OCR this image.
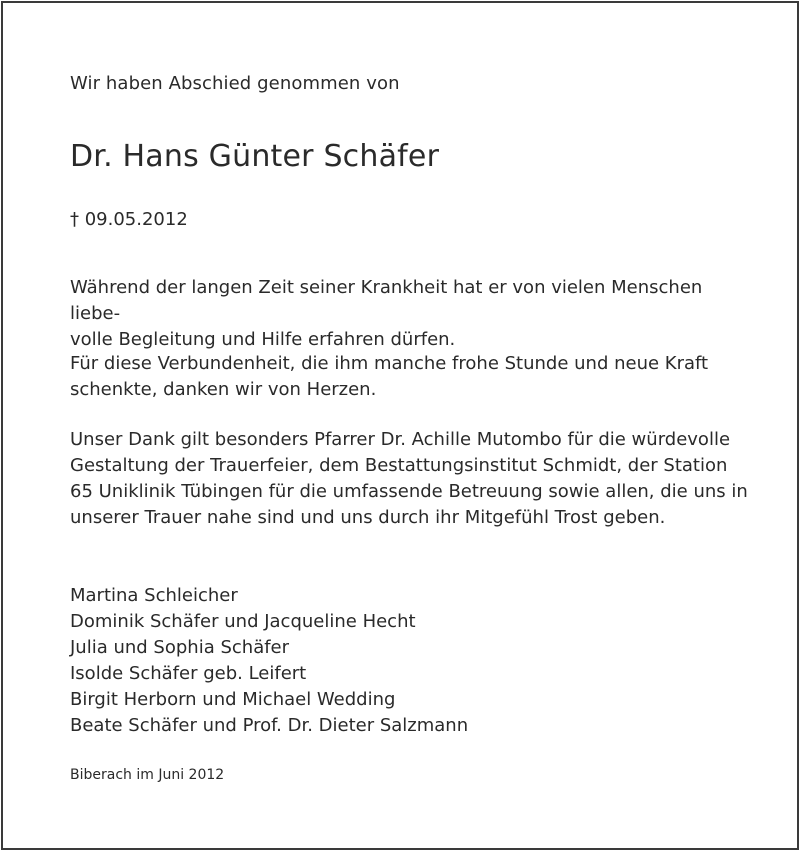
Wir haben Abschied genommen von

Dr. Hans Günter Schäfer

† 09.05.2012

Während der langen Zeit seiner Krankheit hat er von vielen Menschen liebe-
volle Begleitung und Hilfe erfahren dürfen.

Für diese Verbundenheit, die ihm manche frohe Stunde und neue Kraft schenkte, danken wir von Herzen.

Unser Dank gilt besonders Pfarrer Dr. Achille Mutombo für die würdevolle Gestaltung der Trauerfeier, dem Bestattungsinstitut Schmidt, der Station 65 Uniklinik Tübingen für die umfassende Betreuung sowie allen, die uns in unserer Trauer nahe sind und uns durch ihr Mitgefühl Trost geben.

Martina Schleicher
Dominik Schäfer und Jacqueline Hecht
Julia und Sophia Schäfer
Isolde Schäfer geb. Leifert
Birgit Herborn und Michael Wedding
Beate Schäfer und Prof. Dr. Dieter Salzmann

Biberach im Juni 2012
